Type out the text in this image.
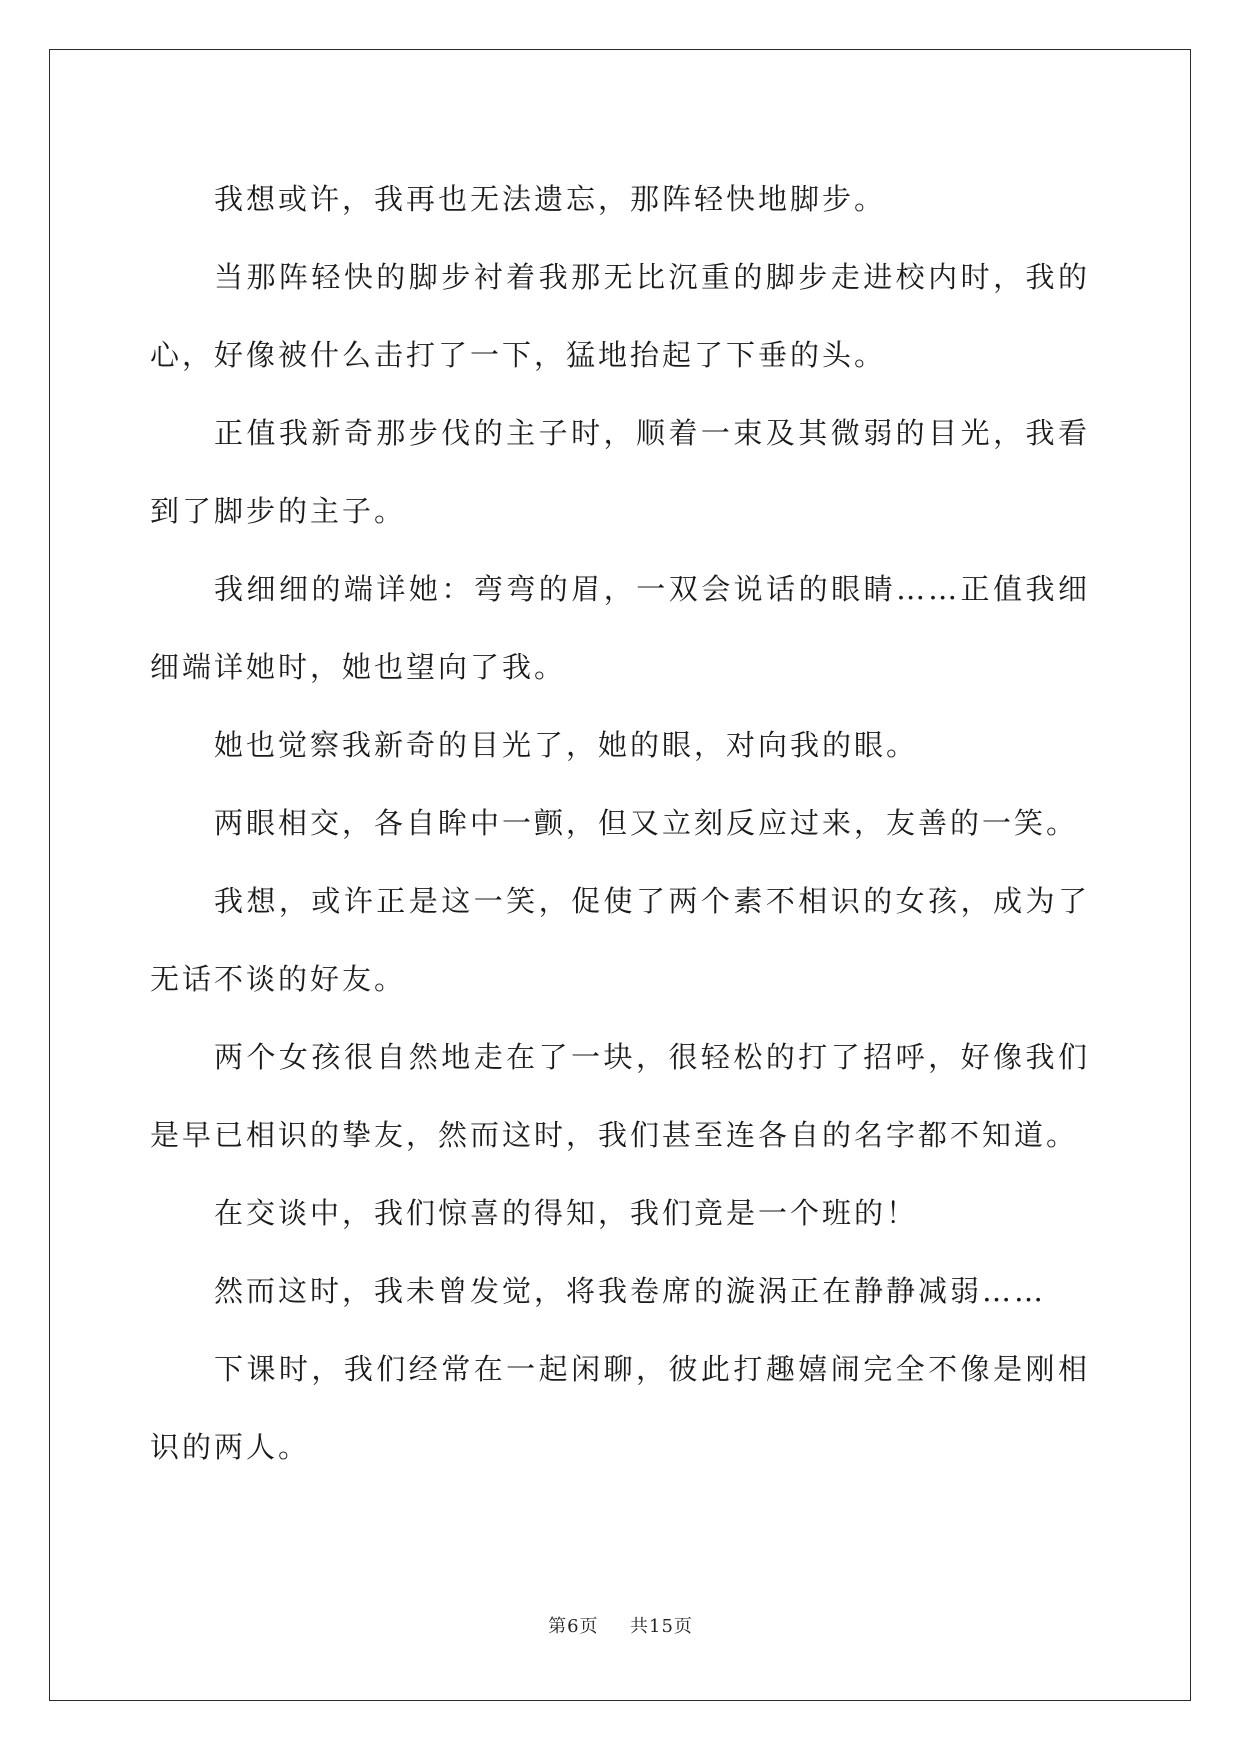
我想或许，我再也无法遗忘，那阵轻快地脚步。

当那阵轻快的脚步衬着我那无比沉重的脚步走进校内时，我的心，好像被什么击打了一下，猛地抬起了下垂的头。

正值我新奇那步伐的主子时，顺着一束及其微弱的目光，我看到了脚步的主子。

我细细的端详她：弯弯的眉，一双会说话的眼睛……正值我细细端详她时，她也望向了我。

她也觉察我新奇的目光了，她的眼，对向我的眼。

两眼相交，各自眸中一颤，但又立刻反应过来，友善的一笑。

我想，或许正是这一笑，促使了两个素不相识的女孩，成为了无话不谈的好友。

两个女孩很自然地走在了一块，很轻松的打了招呼，好像我们是早已相识的挚友，然而这时，我们甚至连各自的名字都不知道。

在交谈中，我们惊喜的得知，我们竟是一个班的！

然而这时，我未曾发觉，将我卷席的漩涡正在静静减弱……

下课时，我们经常在一起闲聊，彼此打趣嬉闹完全不像是刚相识的两人。

第6页 共15页
